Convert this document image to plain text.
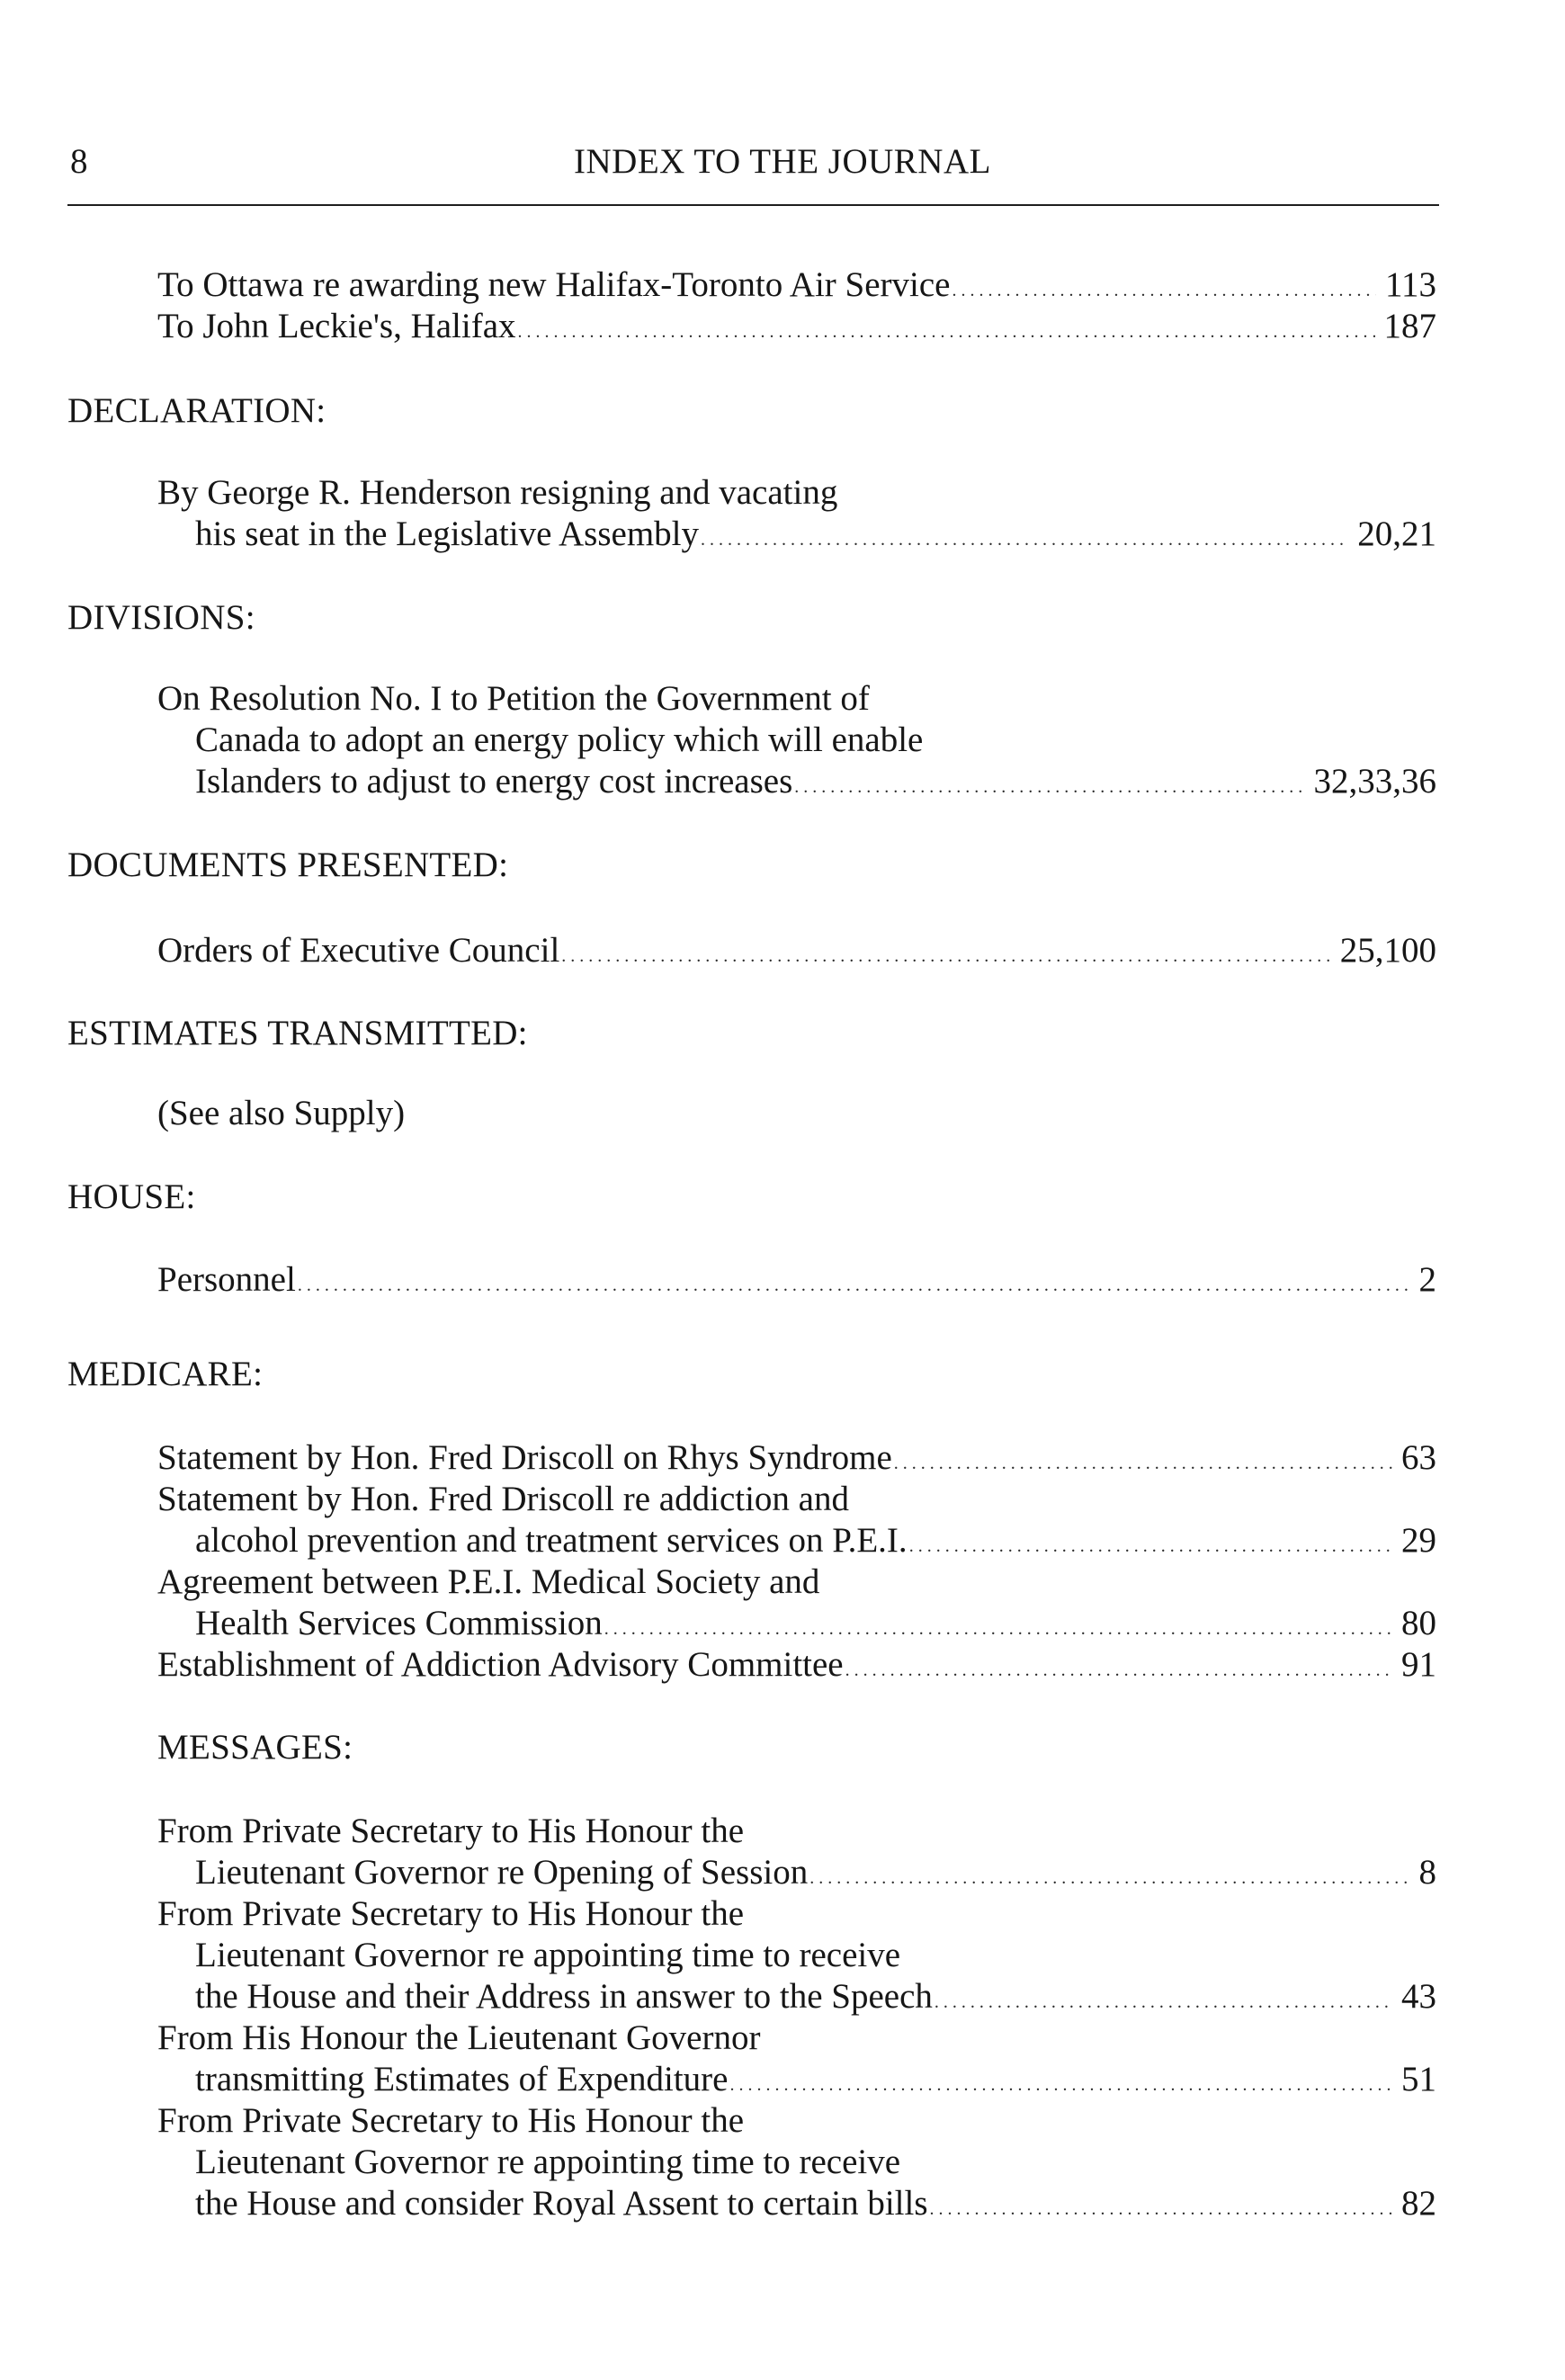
8	INDEX TO THE JOURNAL
To Ottawa re awarding new Halifax-Toronto Air Service . . .	113
To John Leckie's, Halifax . . .	187
DECLARATION:
By George R. Henderson resigning and vacating
his seat in the Legislative Assembly . . .	20,21
DIVISIONS:
On Resolution No. I to Petition the Government of
Canada to adopt an energy policy which will enable
Islanders to adjust to energy cost increases . . .	32,33,36
DOCUMENTS PRESENTED:
Orders of Executive Council . . .	25,100
ESTIMATES TRANSMITTED:
(See also Supply)
HOUSE:
Personnel . . .	2
MEDICARE:
Statement by Hon. Fred Driscoll on Rhys Syndrome . . .	63
Statement by Hon. Fred Driscoll re addiction and
alcohol prevention and treatment services on P.E.I. . . .	29
Agreement between P.E.I. Medical Society and
Health Services Commission . . .	80
Establishment of Addiction Advisory Committee . . .	91
MESSAGES:
From Private Secretary to His Honour the
Lieutenant Governor re Opening of Session . . .	8
From Private Secretary to His Honour the
Lieutenant Governor re appointing time to receive
the House and their Address in answer to the Speech . . .	43
From His Honour the Lieutenant Governor
transmitting Estimates of Expenditure . . .	51
From Private Secretary to His Honour the
Lieutenant Governor re appointing time to receive
the House and consider Royal Assent to certain bills . . .	82
